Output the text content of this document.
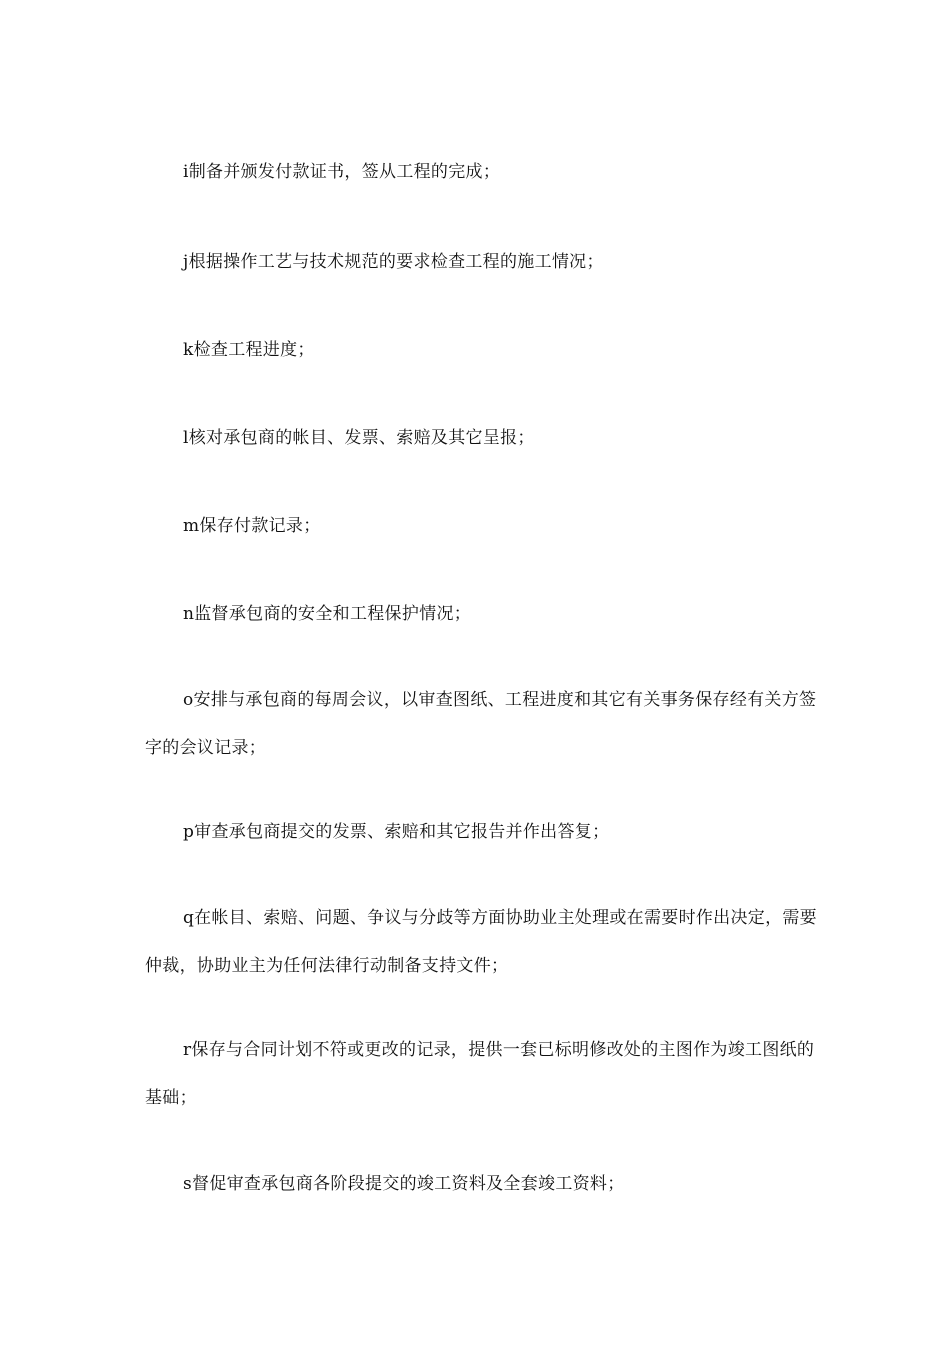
i制备并颁发付款证书，签从工程的完成；

j根据操作工艺与技术规范的要求检查工程的施工情况；

k检查工程进度；

l核对承包商的帐目、发票、索赔及其它呈报；

m保存付款记录；

n监督承包商的安全和工程保护情况；

o安排与承包商的每周会议，以审查图纸、工程进度和其它有关事务保存经有关方签字的会议记录；

p审查承包商提交的发票、索赔和其它报告并作出答复；

q在帐目、索赔、问题、争议与分歧等方面协助业主处理或在需要时作出决定，需要仲裁，协助业主为任何法律行动制备支持文件；

r保存与合同计划不符或更改的记录，提供一套已标明修改处的主图作为竣工图纸的基础；

s督促审查承包商各阶段提交的竣工资料及全套竣工资料；
